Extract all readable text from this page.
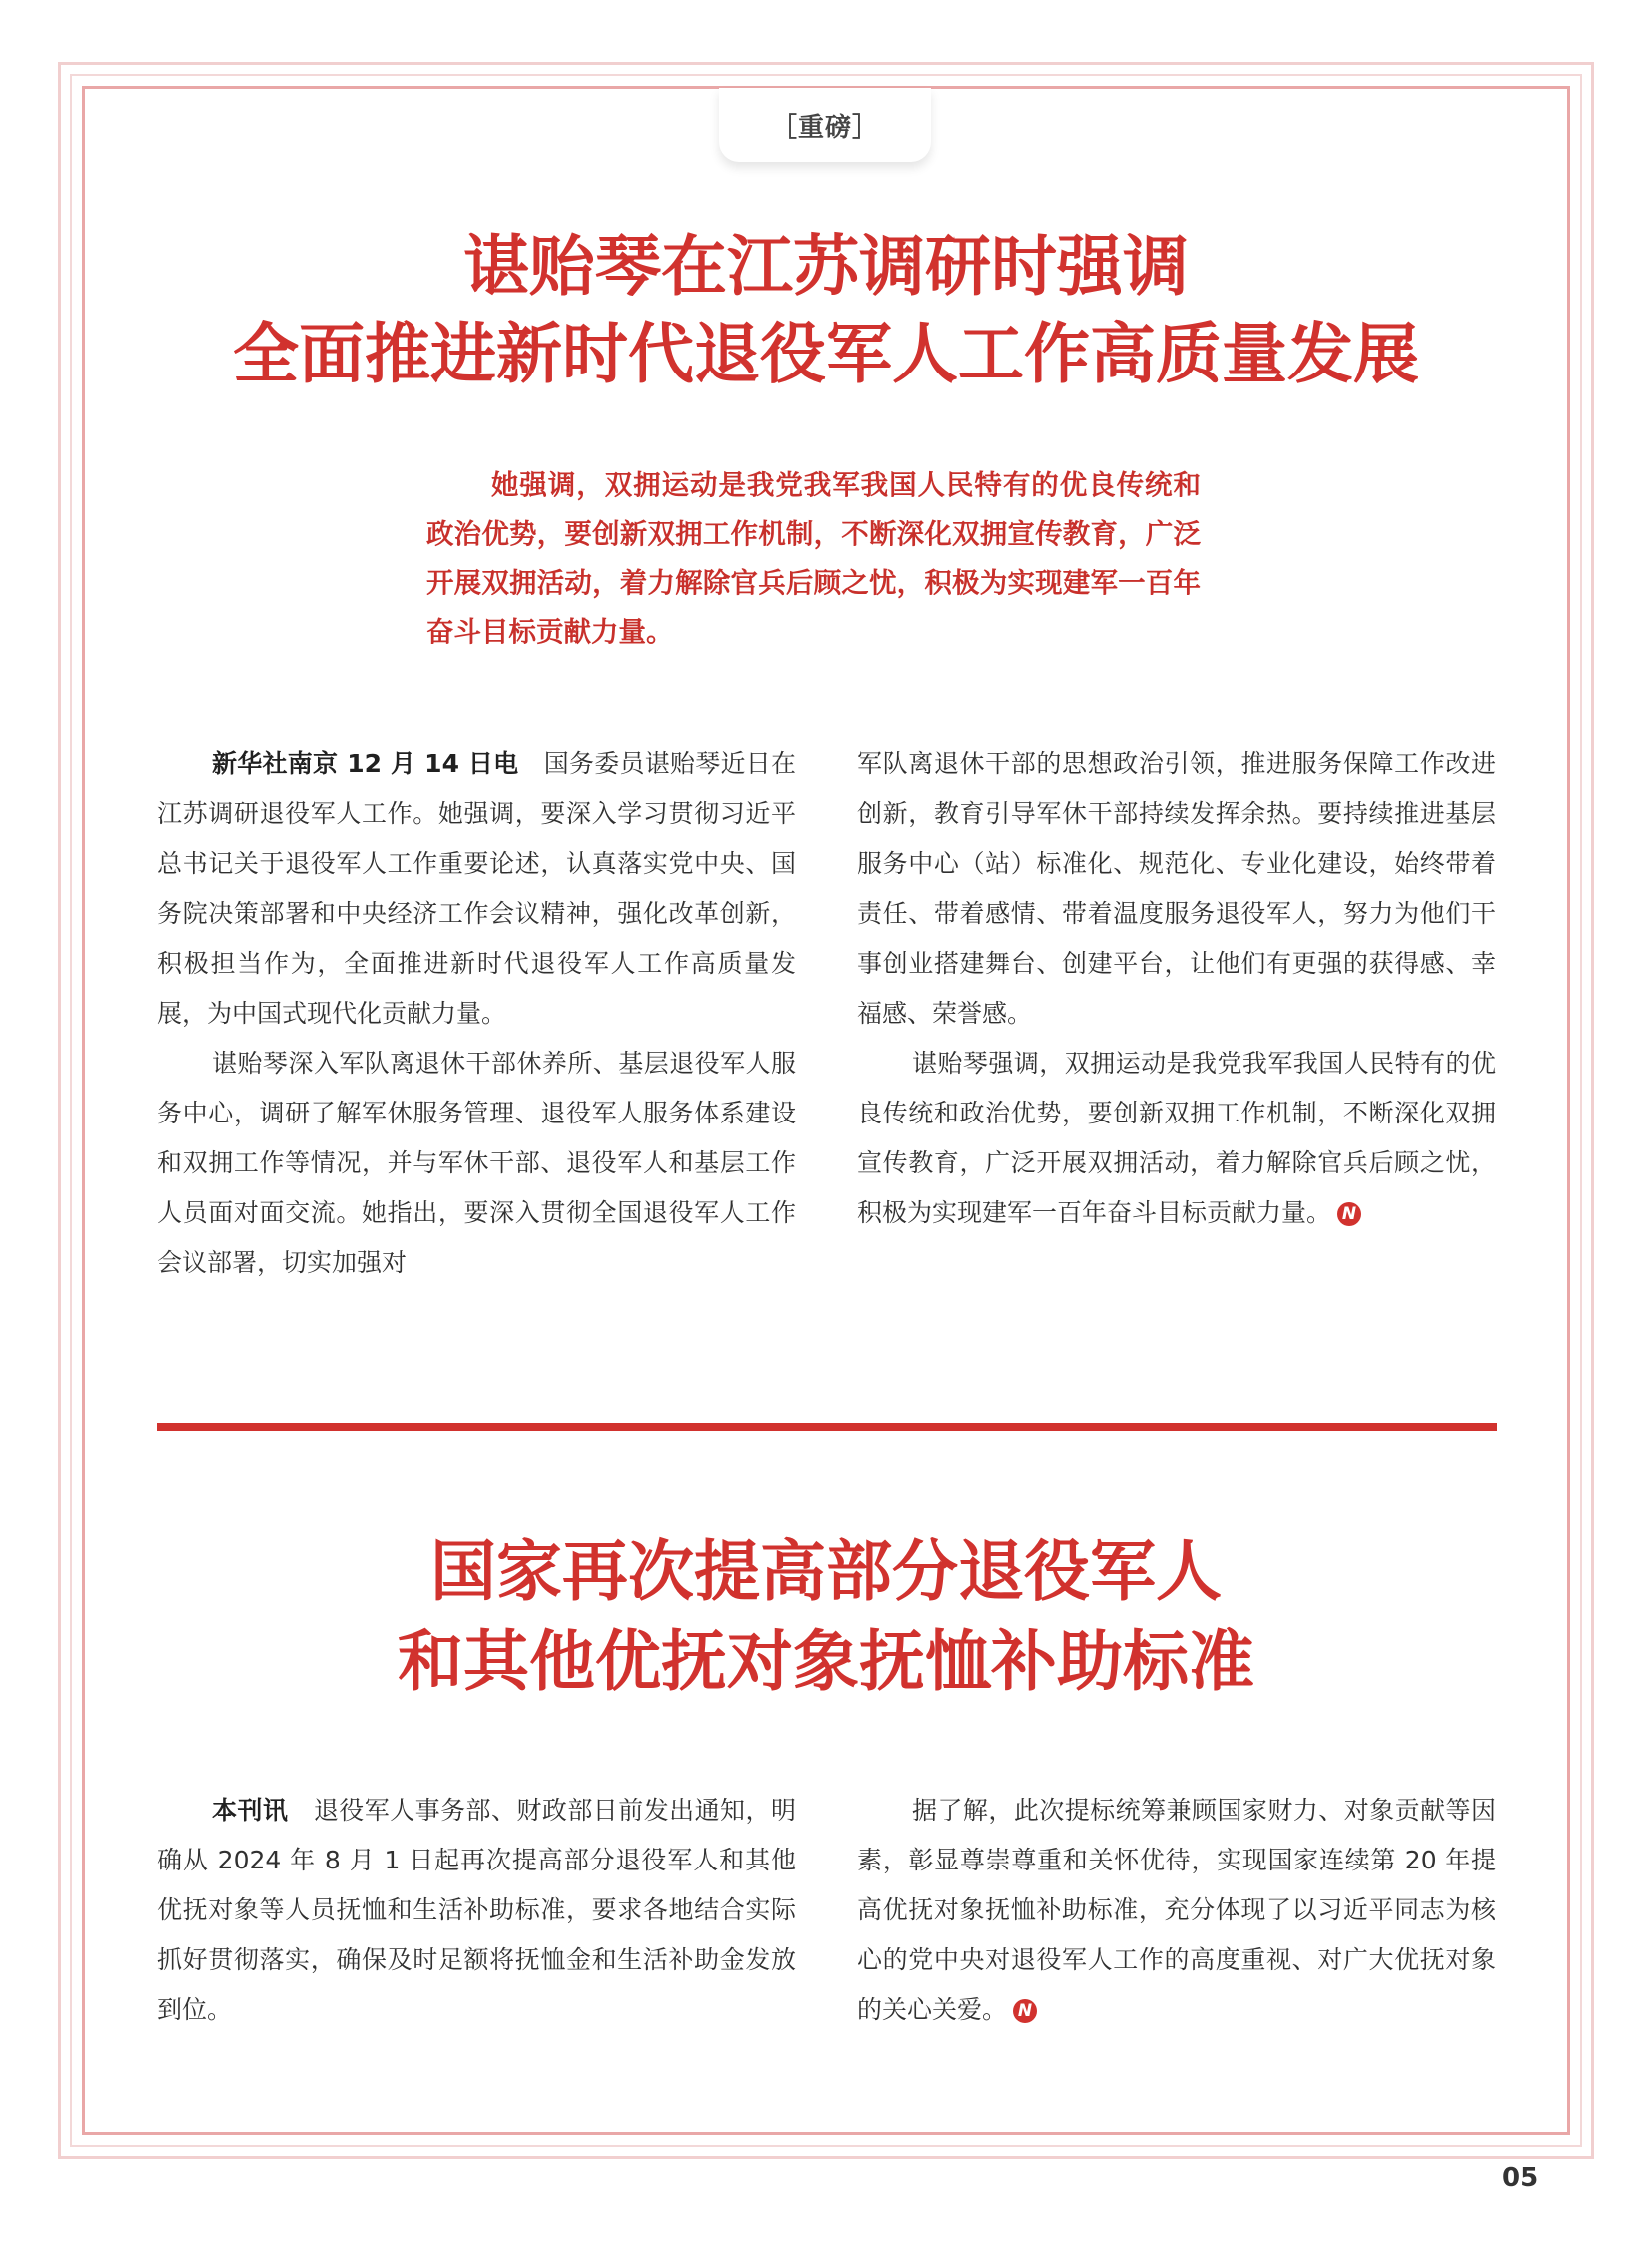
［重磅］
谌贻琴在江苏调研时强调
全面推进新时代退役军人工作高质量发展

她强调，双拥运动是我党我军我国人民特有的优良传统和政治优势，要创新双拥工作机制，不断深化双拥宣传教育，广泛开展双拥活动，着力解除官兵后顾之忧，积极为实现建军一百年奋斗目标贡献力量。

新华社南京 12 月 14 日电　 国务委员谌贻琴近日在江苏调研退役军人工作。她强调，要深入学习贯彻习近平总书记关于退役军人工作重要论述，认真落实党中央、国务院决策部署和中央经济工作会议精神，强化改革创新，积极担当作为，全面推进新时代退役军人工作高质量发展，为中国式现代化贡献力量。

谌贻琴深入军队离退休干部休养所、基层退役军人服务中心，调研了解军休服务管理、退役军人服务体系建设和双拥工作等情况，并与军休干部、退役军人和基层工作人员面对面交流。她指出，要深入贯彻全国退役军人工作会议部署，切实加强对

军队离退休干部的思想政治引领，推进服务保障工作改进创新，教育引导军休干部持续发挥余热。要持续推进基层服务中心（站）标准化、规范化、专业化建设，始终带着责任、带着感情、带着温度服务退役军人，努力为他们干事创业搭建舞台、创建平台，让他们有更强的获得感、幸福感、荣誉感。

谌贻琴强调，双拥运动是我党我军我国人民特有的优良传统和政治优势，要创新双拥工作机制，不断深化双拥宣传教育，广泛开展双拥活动，着力解除官兵后顾之忧，积极为实现建军一百年奋斗目标贡献力量。 N

国家再次提高部分退役军人
和其他优抚对象抚恤补助标准

本刊讯　 退役军人事务部、财政部日前发出通知，明确从 2024 年 8 月 1 日起再次提高部分退役军人和其他优抚对象等人员抚恤和生活补助标准，要求各地结合实际抓好贯彻落实，确保及时足额将抚恤金和生活补助金发放到位。

据了解，此次提标统筹兼顾国家财力、对象贡献等因素，彰显尊崇尊重和关怀优待，实现国家连续第 20 年提高优抚对象抚恤补助标准，充分体现了以习近平同志为核心的党中央对退役军人工作的高度重视、对广大优抚对象的关心关爱。 N

05
